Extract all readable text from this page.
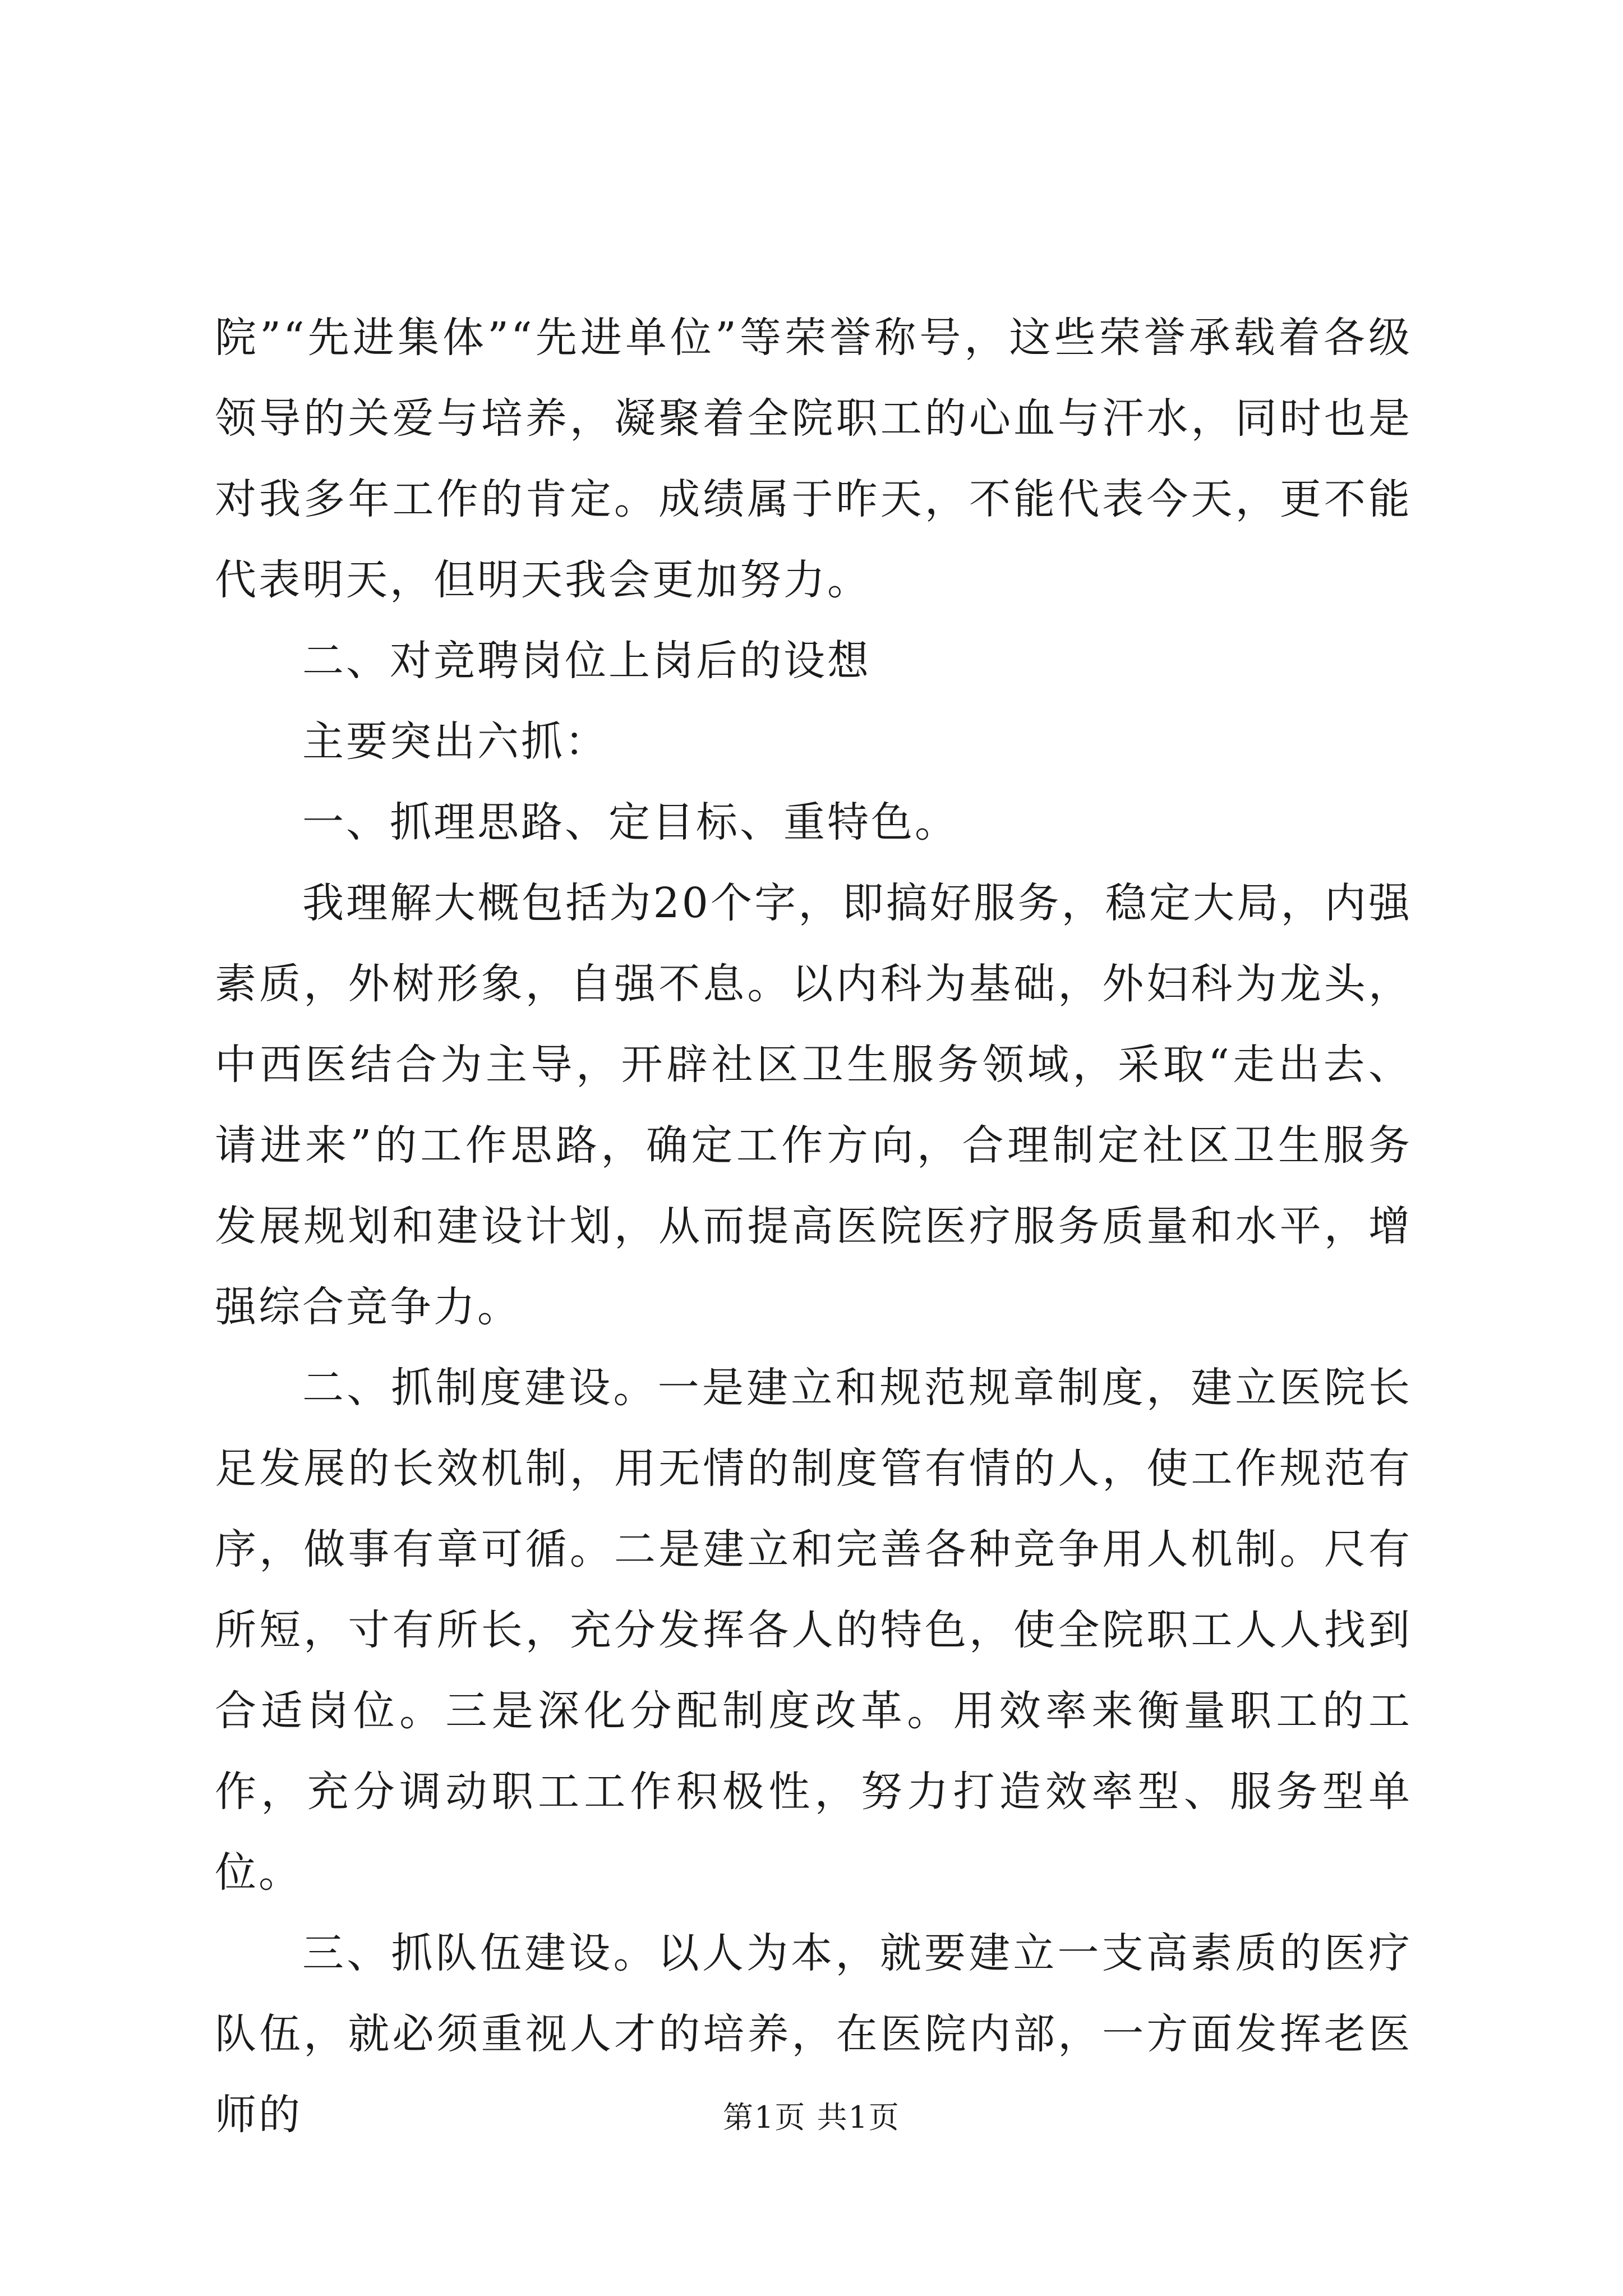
院”“先进集体”“先进单位”等荣誉称号，这些荣誉承载着各级领导的关爱与培养，凝聚着全院职工的心血与汗水，同时也是对我多年工作的肯定。成绩属于昨天，不能代表今天，更不能代表明天，但明天我会更加努力。

二、对竞聘岗位上岗后的设想

主要突出六抓：

一、抓理思路、定目标、重特色。

我理解大概包括为20个字，即搞好服务，稳定大局，内强素质，外树形象，自强不息。以内科为基础，外妇科为龙头，中西医结合为主导，开辟社区卫生服务领域，采取“走出去、请进来”的工作思路，确定工作方向，合理制定社区卫生服务发展规划和建设计划，从而提高医院医疗服务质量和水平，增强综合竞争力。

二、抓制度建设。一是建立和规范规章制度，建立医院长足发展的长效机制，用无情的制度管有情的人，使工作规范有序，做事有章可循。二是建立和完善各种竞争用人机制。尺有所短，寸有所长，充分发挥各人的特色，使全院职工人人找到合适岗位。三是深化分配制度改革。用效率来衡量职工的工作，充分调动职工工作积极性，努力打造效率型、服务型单位。

三、抓队伍建设。以人为本，就要建立一支高素质的医疗队伍，就必须重视人才的培养，在医院内部，一方面发挥老医师的	第1页 共1页
